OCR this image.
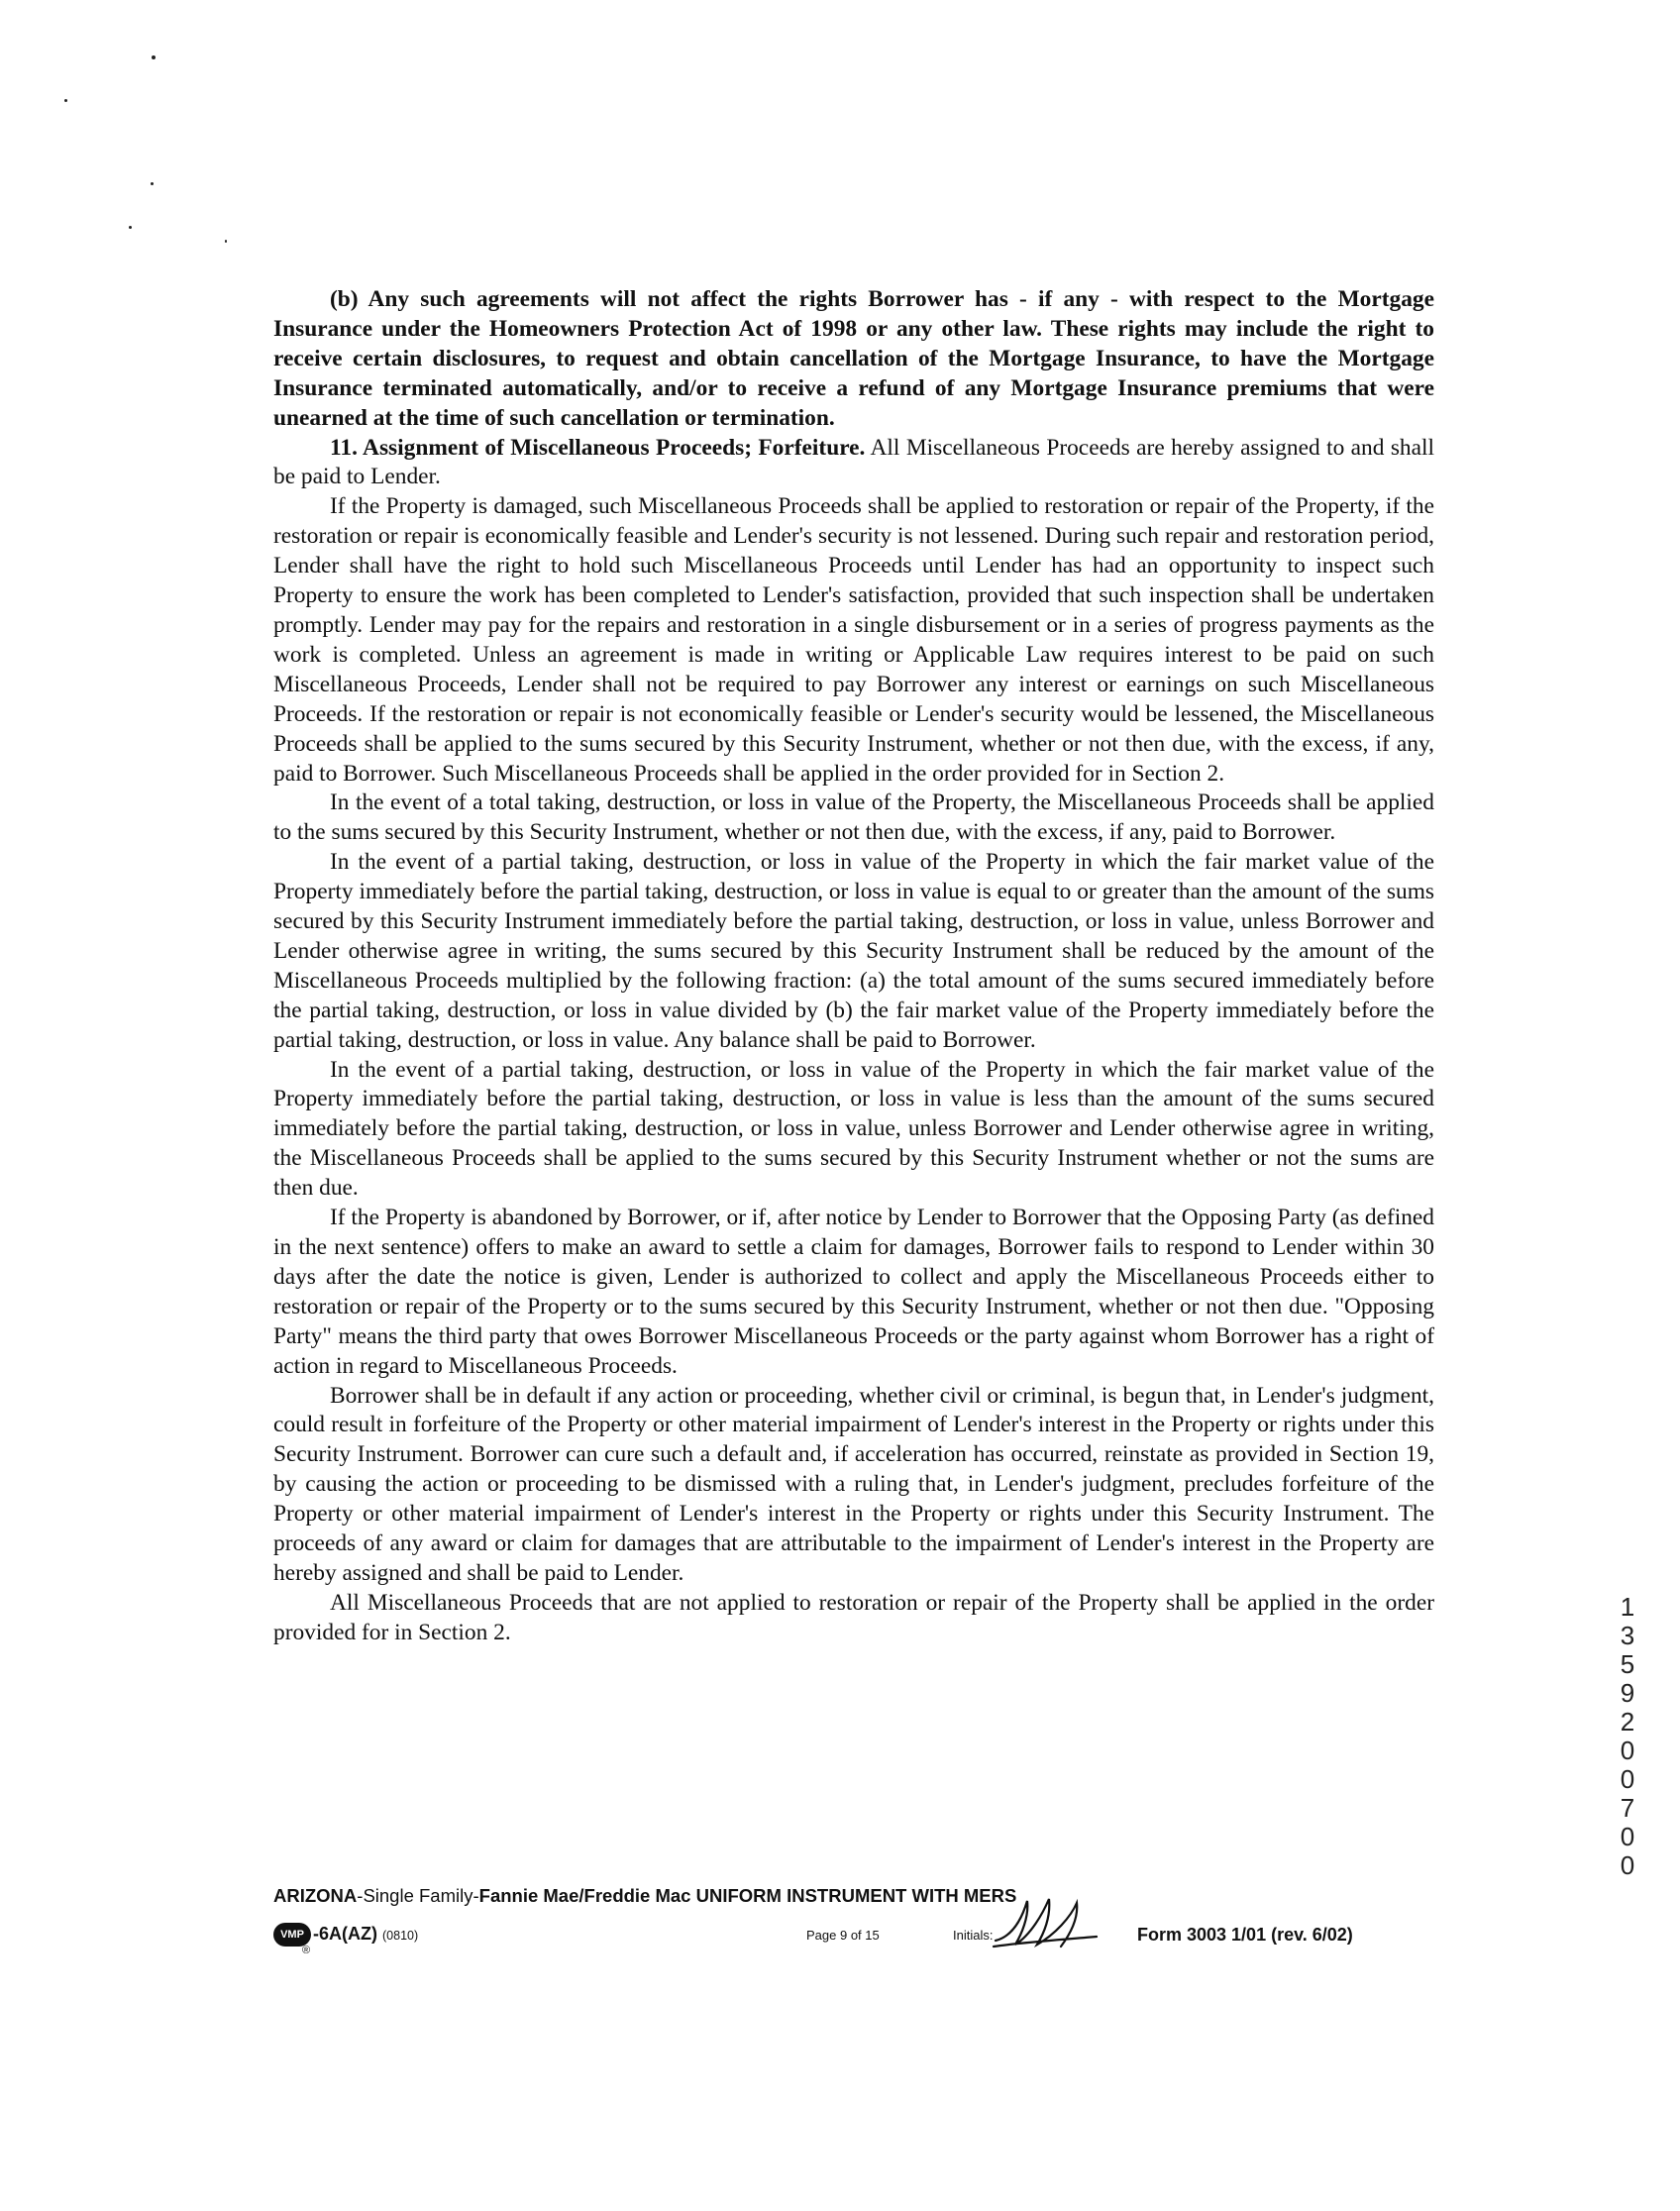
(b) Any such agreements will not affect the rights Borrower has - if any - with respect to the Mortgage Insurance under the Homeowners Protection Act of 1998 or any other law. These rights may include the right to receive certain disclosures, to request and obtain cancellation of the Mortgage Insurance, to have the Mortgage Insurance terminated automatically, and/or to receive a refund of any Mortgage Insurance premiums that were unearned at the time of such cancellation or termination.

11. Assignment of Miscellaneous Proceeds; Forfeiture. All Miscellaneous Proceeds are hereby assigned to and shall be paid to Lender.

If the Property is damaged, such Miscellaneous Proceeds shall be applied to restoration or repair of the Property, if the restoration or repair is economically feasible and Lender's security is not lessened. During such repair and restoration period, Lender shall have the right to hold such Miscellaneous Proceeds until Lender has had an opportunity to inspect such Property to ensure the work has been completed to Lender's satisfaction, provided that such inspection shall be undertaken promptly. Lender may pay for the repairs and restoration in a single disbursement or in a series of progress payments as the work is completed. Unless an agreement is made in writing or Applicable Law requires interest to be paid on such Miscellaneous Proceeds, Lender shall not be required to pay Borrower any interest or earnings on such Miscellaneous Proceeds. If the restoration or repair is not economically feasible or Lender's security would be lessened, the Miscellaneous Proceeds shall be applied to the sums secured by this Security Instrument, whether or not then due, with the excess, if any, paid to Borrower. Such Miscellaneous Proceeds shall be applied in the order provided for in Section 2.

In the event of a total taking, destruction, or loss in value of the Property, the Miscellaneous Proceeds shall be applied to the sums secured by this Security Instrument, whether or not then due, with the excess, if any, paid to Borrower.

In the event of a partial taking, destruction, or loss in value of the Property in which the fair market value of the Property immediately before the partial taking, destruction, or loss in value is equal to or greater than the amount of the sums secured by this Security Instrument immediately before the partial taking, destruction, or loss in value, unless Borrower and Lender otherwise agree in writing, the sums secured by this Security Instrument shall be reduced by the amount of the Miscellaneous Proceeds multiplied by the following fraction: (a) the total amount of the sums secured immediately before the partial taking, destruction, or loss in value divided by (b) the fair market value of the Property immediately before the partial taking, destruction, or loss in value. Any balance shall be paid to Borrower.

In the event of a partial taking, destruction, or loss in value of the Property in which the fair market value of the Property immediately before the partial taking, destruction, or loss in value is less than the amount of the sums secured immediately before the partial taking, destruction, or loss in value, unless Borrower and Lender otherwise agree in writing, the Miscellaneous Proceeds shall be applied to the sums secured by this Security Instrument whether or not the sums are then due.

If the Property is abandoned by Borrower, or if, after notice by Lender to Borrower that the Opposing Party (as defined in the next sentence) offers to make an award to settle a claim for damages, Borrower fails to respond to Lender within 30 days after the date the notice is given, Lender is authorized to collect and apply the Miscellaneous Proceeds either to restoration or repair of the Property or to the sums secured by this Security Instrument, whether or not then due. "Opposing Party" means the third party that owes Borrower Miscellaneous Proceeds or the party against whom Borrower has a right of action in regard to Miscellaneous Proceeds.

Borrower shall be in default if any action or proceeding, whether civil or criminal, is begun that, in Lender's judgment, could result in forfeiture of the Property or other material impairment of Lender's interest in the Property or rights under this Security Instrument. Borrower can cure such a default and, if acceleration has occurred, reinstate as provided in Section 19, by causing the action or proceeding to be dismissed with a ruling that, in Lender's judgment, precludes forfeiture of the Property or other material impairment of Lender's interest in the Property or rights under this Security Instrument. The proceeds of any award or claim for damages that are attributable to the impairment of Lender's interest in the Property are hereby assigned and shall be paid to Lender.

All Miscellaneous Proceeds that are not applied to restoration or repair of the Property shall be applied in the order provided for in Section 2.

1
3
5
9
2
0
0
7
0
0
ARIZONA-Single Family-Fannie Mae/Freddie Mac UNIFORM INSTRUMENT WITH MERS
VMP -6A(AZ) (0810)
®
Page 9 of 15	Initials:	Form 3003 1/01 (rev. 6/02)
